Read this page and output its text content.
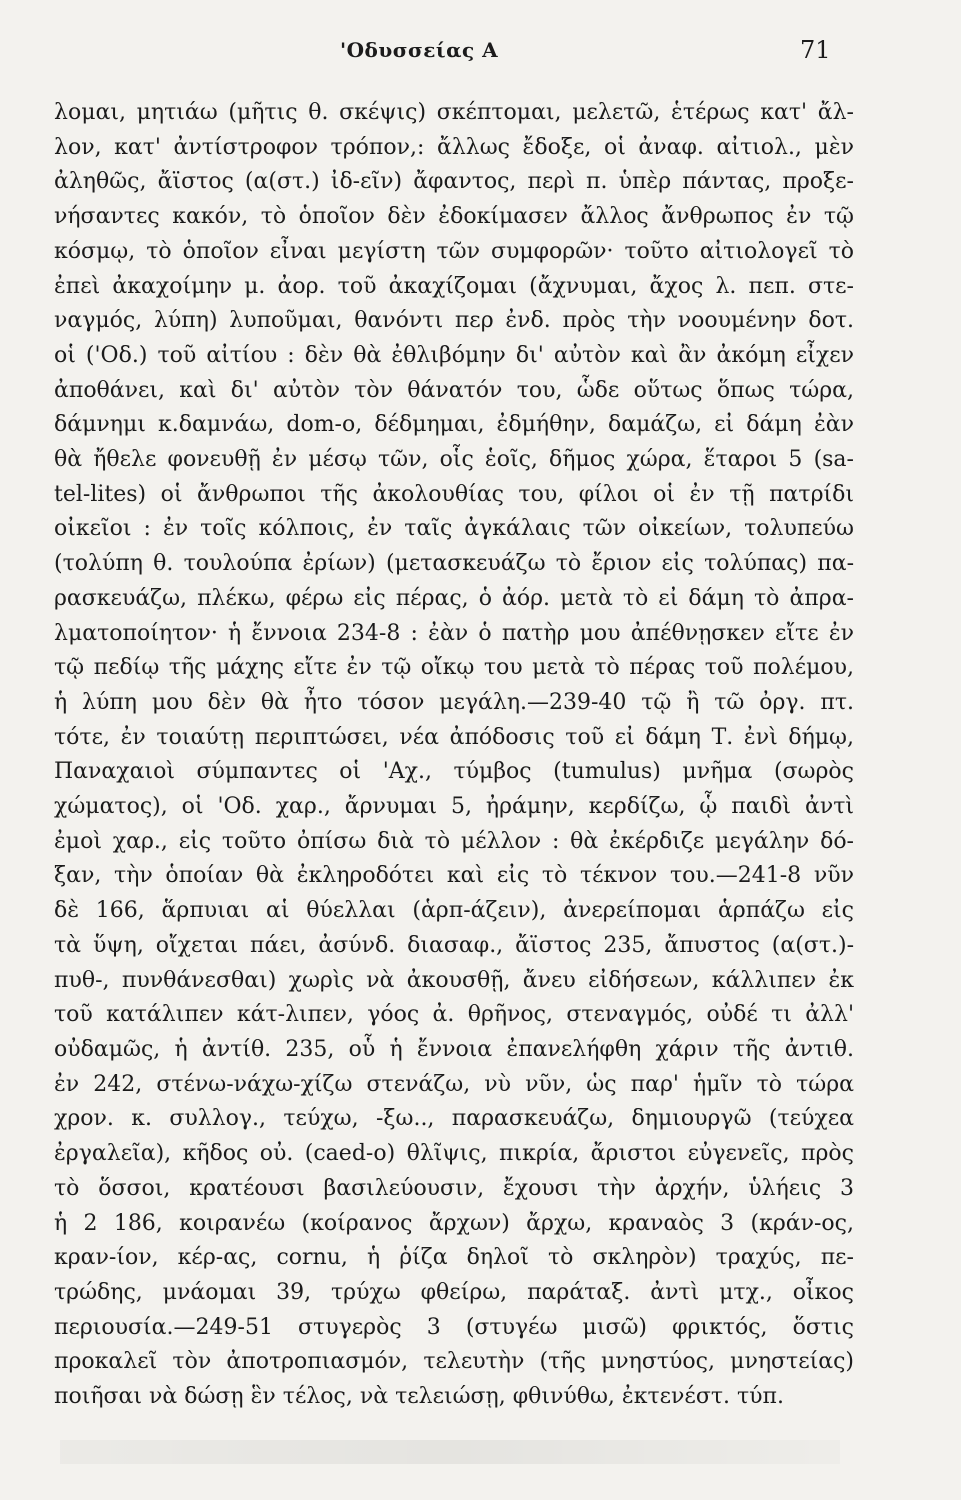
'Οδυσσείας Α	71
λομαι, μητιάω (μῆτις θ. σκέψις) σκέπτομαι, μελετῶ, ἑτέρως κατ' ἄλ-
λον, κατ' ἀντίστροφον τρόπον,: ἄλλως ἔδοξε, οἱ ἀναφ. αἰτιολ., μὲν
ἀληθῶς, ἄϊστος (α(στ.) ἰδ-εῖν) ἄφαντος, περὶ π. ὑπὲρ πάντας, προξε-
νήσαντες κακόν, τὸ ὁποῖον δὲν ἐδοκίμασεν ἄλλος ἄνθρωπος ἐν τῷ
κόσμῳ, τὸ ὁποῖον εἶναι μεγίστη τῶν συμφορῶν· τοῦτο αἰτιολογεῖ τὸ
ἐπεὶ ἀκαχοίμην μ. ἀορ. τοῦ ἀκαχίζομαι (ἄχνυμαι, ἄχος λ. πεπ. στε-
ναγμός, λύπη) λυποῦμαι, θανόντι περ ἐνδ. πρὸς τὴν νοουμένην δοτ.
οἱ ('Οδ.) τοῦ αἰτίου : δὲν θὰ ἐθλιβόμην δι' αὐτὸν καὶ ἂν ἀκόμη εἶχεν
ἀποθάνει, καὶ δι' αὐτὸν τὸν θάνατόν του, ὧδε οὕτως ὅπως τώρα,
δάμνημι κ.δαμνάω, dom-o, δέδμημαι, ἐδμήθην, δαμάζω, εἰ δάμη ἐὰν
θὰ ἤθελε φονευθῇ ἐν μέσῳ τῶν, οἷς ἑοῖς, δῆμος χώρα, ἕταροι 5 (sa-
tel-lites) οἱ ἄνθρωποι τῆς ἀκολουθίας του, φίλοι οἱ ἐν τῇ πατρίδι
οἰκεῖοι : ἐν τοῖς κόλποις, ἐν ταῖς ἀγκάλαις τῶν οἰκείων, τολυπεύω
(τολύπη θ. τουλούπα ἐρίων) (μετασκευάζω τὸ ἔριον εἰς τολύπας) πα-
ρασκευάζω, πλέκω, φέρω εἰς πέρας, ὁ ἀόρ. μετὰ τὸ εἰ δάμη τὸ ἀπρα-
λματοποίητον· ἡ ἔννοια 234-8 : ἐὰν ὁ πατὴρ μου ἀπέθνῃσκεν εἴτε ἐν
τῷ πεδίῳ τῆς μάχης εἴτε ἐν τῷ οἴκῳ του μετὰ τὸ πέρας τοῦ πολέμου,
ἡ λύπη μου δὲν θὰ ἦτο τόσον μεγάλη.—239-40 τῷ ἢ τῶ ὀργ. πτ.
τότε, ἐν τοιαύτῃ περιπτώσει, νέα ἀπόδοσις τοῦ εἰ δάμη Τ. ἐνὶ δήμῳ,
Παναχαιοὶ σύμπαντες οἱ 'Αχ., τύμβος (tumulus) μνῆμα (σωρὸς
χώματος), οἱ 'Οδ. χαρ., ἄρνυμαι 5, ἠράμην, κερδίζω, ᾧ παιδὶ ἀντὶ
ἐμοὶ χαρ., εἰς τοῦτο ὀπίσω διὰ τὸ μέλλον : θὰ ἐκέρδιζε μεγάλην δό-
ξαν, τὴν ὁποίαν θὰ ἐκληροδότει καὶ εἰς τὸ τέκνον του.—241-8 νῦν
δὲ 166, ἅρπυιαι αἱ θύελλαι (ἁρπ-άζειν), ἀνερείπομαι ἁρπάζω εἰς
τὰ ὕψη, οἴχεται πάει, ἀσύνδ. διασαφ., ἄϊστος 235, ἄπυστος (α(στ.)-
πυθ-, πυνθάνεσθαι) χωρὶς νὰ ἀκουσθῇ, ἄνευ εἰδήσεων, κάλλιπεν ἐκ
τοῦ κατάλιπεν κάτ-λιπεν, γόος ἀ. θρῆνος, στεναγμός, οὐδέ τι ἀλλ'
οὐδαμῶς, ἡ ἀντίθ. 235, οὗ ἡ ἔννοια ἐπανελήφθη χάριν τῆς ἀντιθ.
ἐν 242, στένω-νάχω-χίζω στενάζω, νὺ νῦν, ὡς παρ' ἡμῖν τὸ τώρα
χρον. κ. συλλογ., τεύχω, -ξω.., παρασκευάζω, δημιουργῶ (τεύχεα
ἐργαλεῖα), κῆδος οὐ. (caed-o) θλῖψις, πικρία, ἄριστοι εὐγενεῖς, πρὸς
τὸ ὅσσοι, κρατέουσι βασιλεύουσιν, ἔχουσι τὴν ἀρχήν, ὑλήεις 3
ἡ 2 186, κοιρανέω (κοίρανος ἄρχων) ἄρχω, κραναὸς 3 (κράν-ος,
κραν-ίον, κέρ-ας, cornu, ἡ ῥίζα δηλοῖ τὸ σκληρὸν) τραχύς, πε-
τρώδης, μνάομαι 39, τρύχω φθείρω, παράταξ. ἀντὶ μτχ., οἶκος
περιουσία.—249-51 στυγερὸς 3 (στυγέω μισῶ) φρικτός, ὅστις
προκαλεῖ τὸν ἀποτροπιασμόν, τελευτὴν (τῆς μνηστύος, μνηστείας)
ποιῆσαι νὰ δώσῃ ἓν τέλος, νὰ τελειώσῃ, φθινύθω, ἐκτενέστ. τύπ.
